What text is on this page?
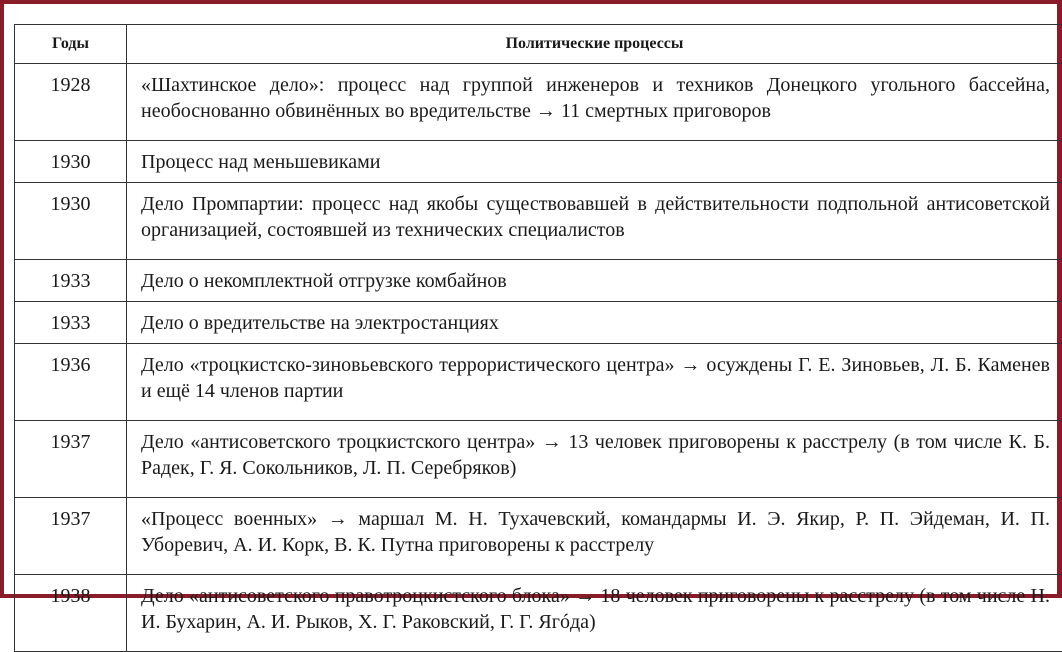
Годы	Политические процессы
1928	«Шахтинское дело»: процесс над группой инженеров и техников Донецкого угольного бассейна, необоснованно обвинённых во вредительстве → 11 смертных приговоров
1930	Процесс над меньшевиками
1930	Дело Промпартии: процесс над якобы существовавшей в действительности подпольной антисоветской организацией, состоявшей из технических специалистов
1933	Дело о некомплектной отгрузке комбайнов
1933	Дело о вредительстве на электростанциях
1936	Дело «троцкистско-зиновьевского террористического центра» → осуждены Г. Е. Зиновьев, Л. Б. Каменев и ещё 14 членов партии
1937	Дело «антисоветского троцкистского центра» → 13 человек приговорены к расстрелу (в том числе К. Б. Радек, Г. Я. Сокольников, Л. П. Серебряков)
1937	«Процесс военных» → маршал М. Н. Тухачевский, командармы И. Э. Якир, Р. П. Эйдеман, И. П. Уборевич, А. И. Корк, В. К. Путна приговорены к расстрелу
1938	Дело «антисоветского правотроцкистского блока» → 18 человек приговорены к расстрелу (в том числе Н. И. Бухарин, А. И. Рыков, Х. Г. Раковский, Г. Г. Ягóда)
